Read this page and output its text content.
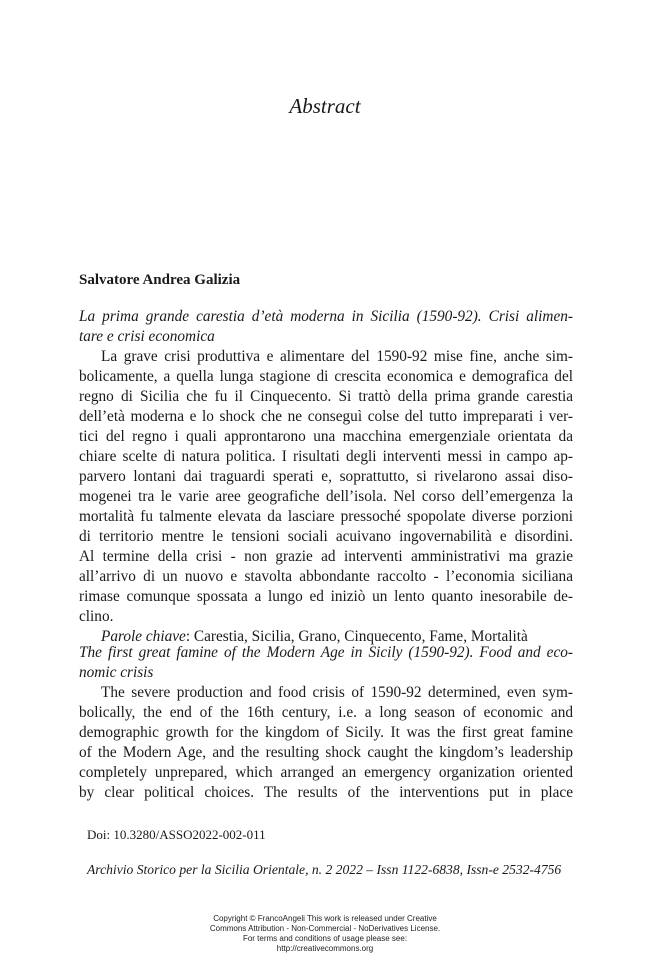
Abstract
Salvatore Andrea Galizia
La prima grande carestia d’età moderna in Sicilia (1590-92). Crisi alimen-
tare e crisi economica
La grave crisi produttiva e alimentare del 1590-92 mise fine, anche sim-
bolicamente, a quella lunga stagione di crescita economica e demografica del
regno di Sicilia che fu il Cinquecento. Si trattò della prima grande carestia
dell’età moderna e lo shock che ne conseguì colse del tutto impreparati i ver-
tici del regno i quali approntarono una macchina emergenziale orientata da
chiare scelte di natura politica. I risultati degli interventi messi in campo ap-
parvero lontani dai traguardi sperati e, soprattutto, si rivelarono assai diso-
mogenei tra le varie aree geografiche dell’isola. Nel corso dell’emergenza la
mortalità fu talmente elevata da lasciare pressoché spopolate diverse porzioni
di territorio mentre le tensioni sociali acuivano ingovernabilità e disordini.
Al termine della crisi - non grazie ad interventi amministrativi ma grazie
all’arrivo di un nuovo e stavolta abbondante raccolto - l’economia siciliana
rimase comunque spossata a lungo ed iniziò un lento quanto inesorabile de-
clino.
Parole chiave: Carestia, Sicilia, Grano, Cinquecento, Fame, Mortalità
The first great famine of the Modern Age in Sicily (1590-92). Food and eco-
nomic crisis
The severe production and food crisis of 1590-92 determined, even sym-
bolically, the end of the 16th century, i.e. a long season of economic and
demographic growth for the kingdom of Sicily. It was the first great famine
of the Modern Age, and the resulting shock caught the kingdom’s leadership
completely unprepared, which arranged an emergency organization oriented
by clear political choices. The results of the interventions put in place
Doi: 10.3280/ASSO2022-002-011
Archivio Storico per la Sicilia Orientale, n. 2 2022 – Issn 1122-6838, Issn-e 2532-4756
Copyright © FrancoAngeli This work is released under Creative
Commons Attribution - Non-Commercial - NoDerivatives License.
For terms and conditions of usage please see:
http://creativecommons.org
